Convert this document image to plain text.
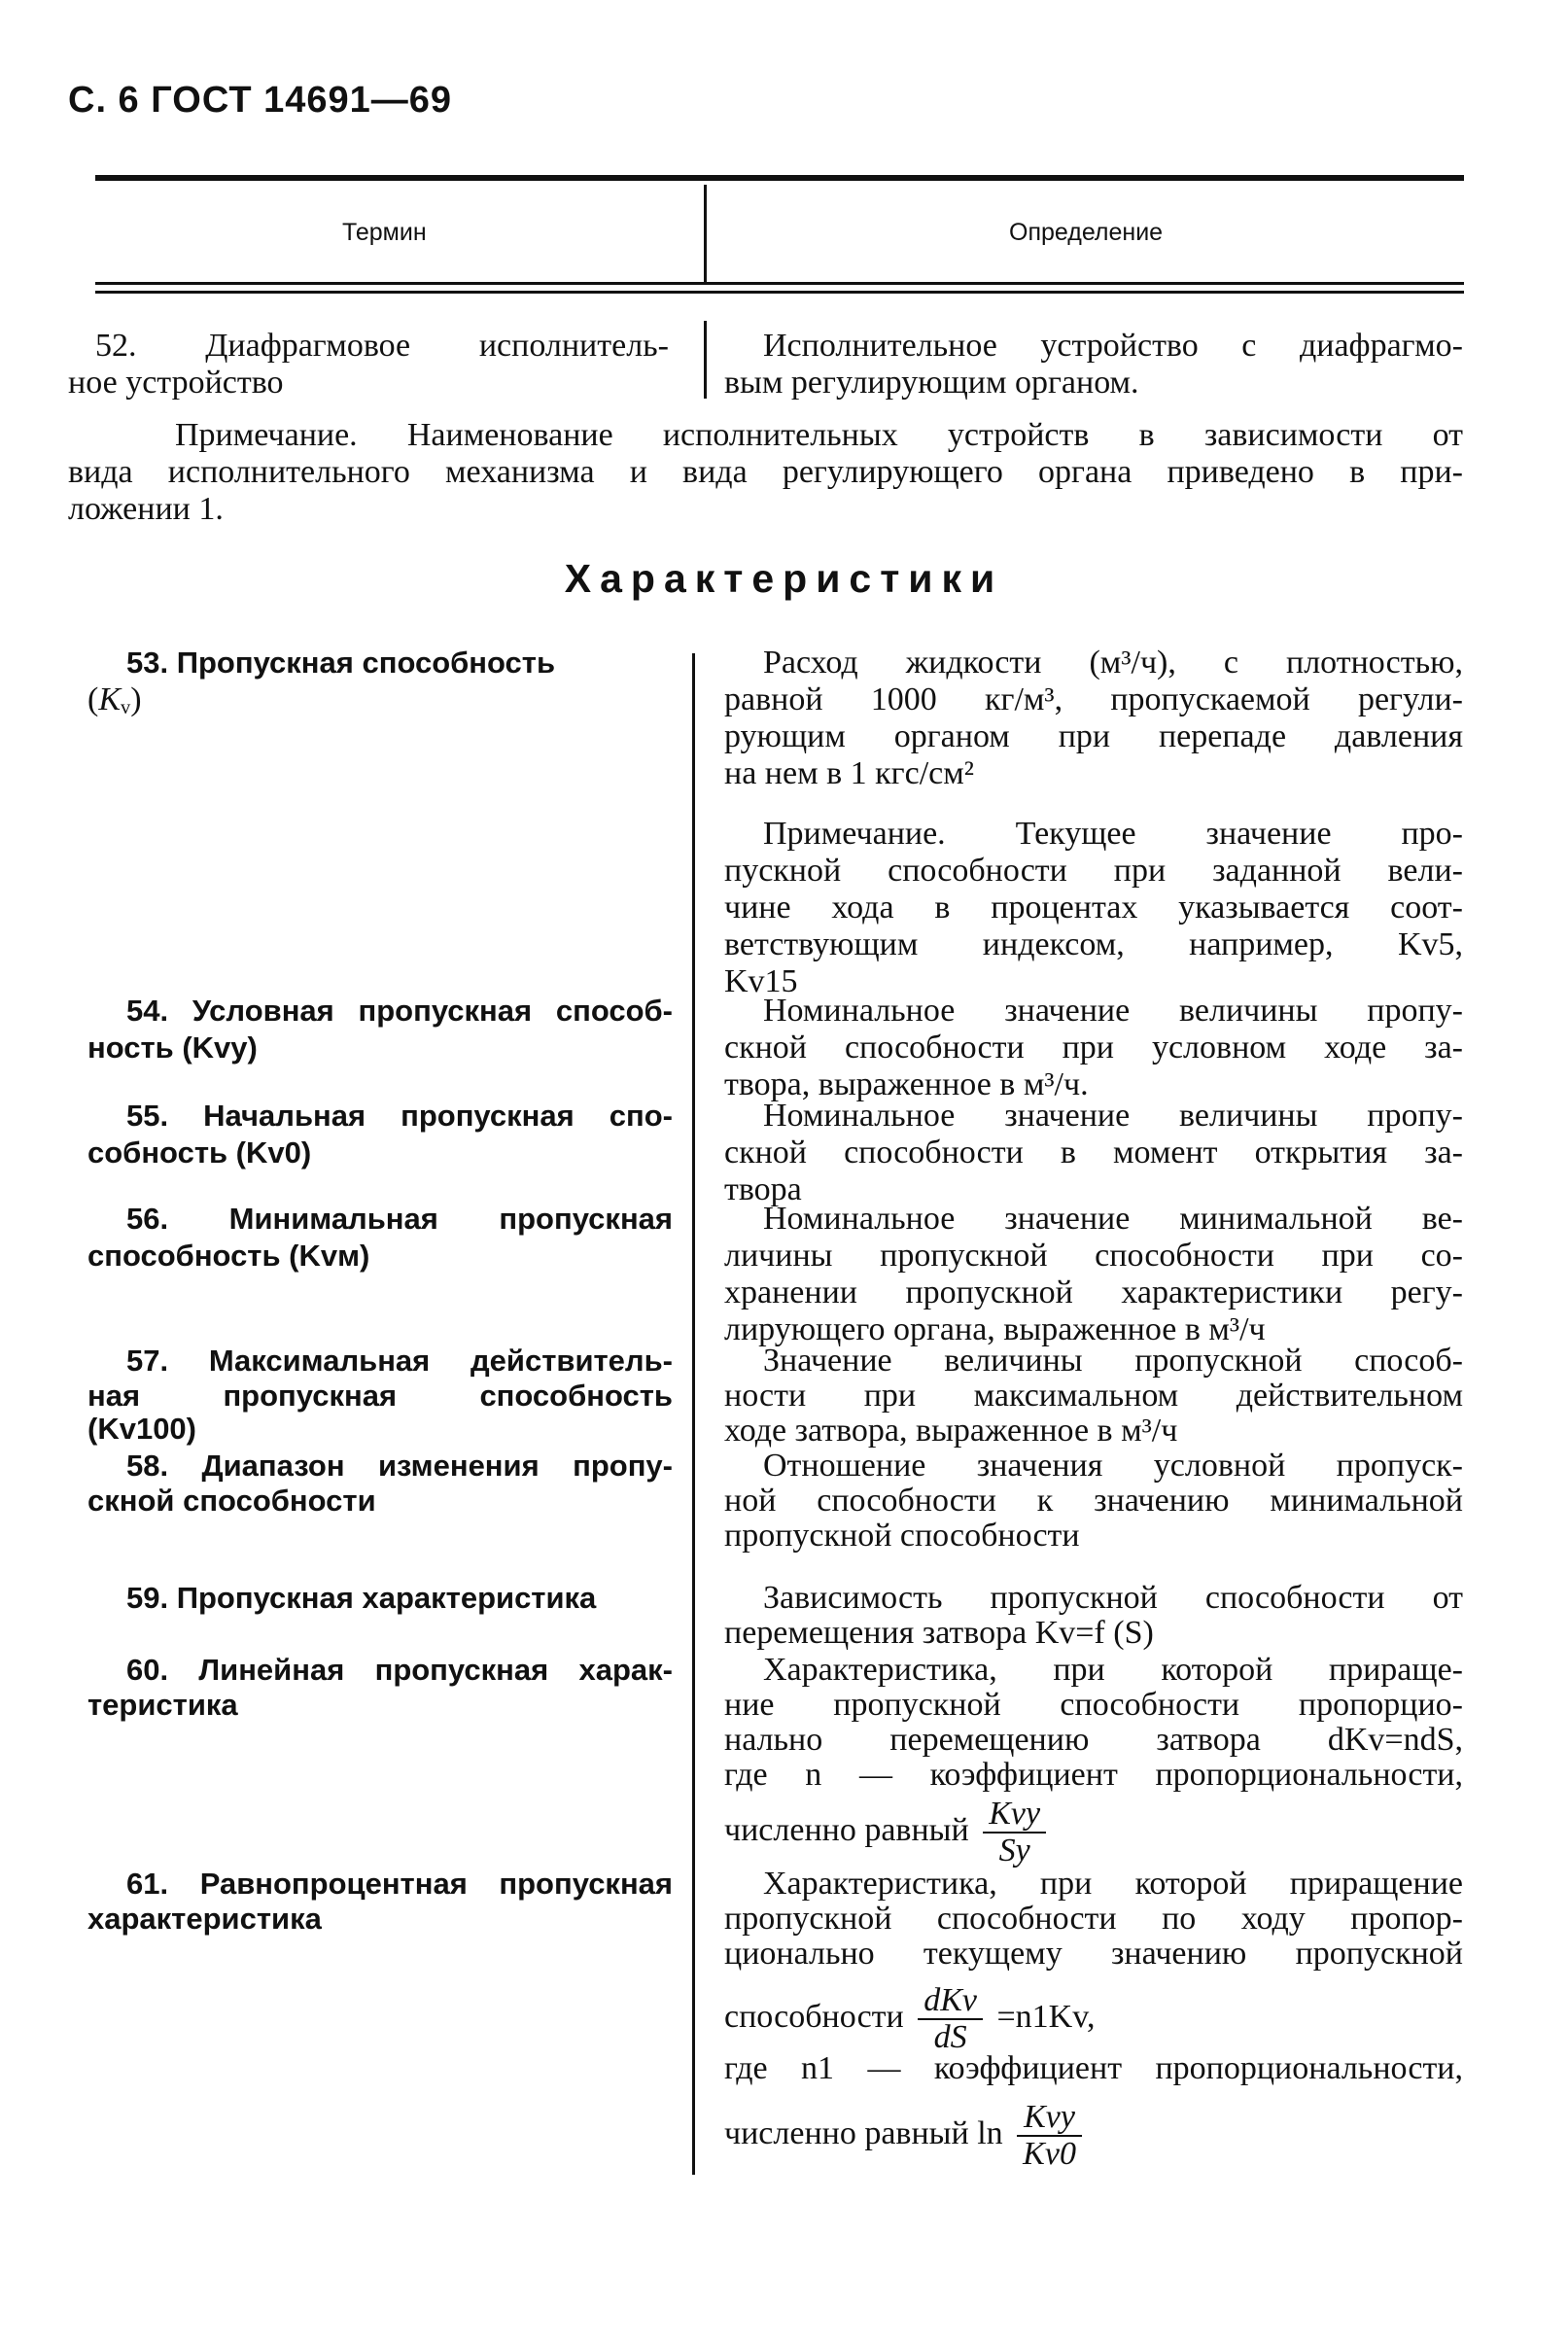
С. 6 ГОСТ 14691—69
Термин	Определение
52. Диафрагмовое исполнитель-
ное устройство
Исполнительное устройство с диафрагмо-
вым регулирующим органом.
Примечание. Наименование исполнительных устройств в зависимости от
вида исполнительного механизма и вида регулирующего органа приведено в при-
ложении 1.
Характеристики
53. Пропускная способность
$(K_v)$
Расход жидкости (м³/ч), с плотностью,
равной 1000 кг/м³, пропускаемой регули-
рующим органом при перепаде давления
на нем в 1 кгс/см²
Примечание. Текущее значение про-
пускной способности при заданной вели-
чине хода в процентах указывается соот-
ветствующим индексом, например, Kv5,
Kv15
54. Условная пропускная способ-
ность (Kvy)
Номинальное значение величины пропу-
скной способности при условном ходе за-
твора, выраженное в м³/ч.
55. Начальная пропускная спо-
собность (Kv0)
Номинальное значение величины пропу-
скной способности в момент открытия за-
твора
56. Минимальная пропускная
способность (Kvм)
Номинальное значение минимальной ве-
личины пропускной способности при со-
хранении пропускной характеристики регу-
лирующего органа, выраженное в м³/ч
57. Максимальная действитель-
ная пропускная способность
(Kv100)
Значение величины пропускной способ-
ности при максимальном действительном
ходе затвора, выраженное в м³/ч
58. Диапазон изменения пропу-
скной способности
Отношение значения условной пропуск-
ной способности к значению минимальной
пропускной способности
59. Пропускная характеристика	Зависимость пропускной способности от
перемещения затвора Kv=f (S)
60. Линейная пропускная харак-
теристика
Характеристика, при которой прираще-
ние пропускной способности пропорцио-
нально перемещению затвора dKv=ndS,
где n — коэффициент пропорциональности,
численно равный $\frac{\text{Kvy}}{Sy}$
61. Равнопроцентная пропускная
характеристика
Характеристика, при которой приращение
пропускной способности по ходу пропор-
ционально текущему значению пропускной
способности $\frac{\text{dKv}}{dS} =n1Kv$,
где n1 — коэффициент пропорциональности,
численно равный $\ln \frac{\text{Kvy}}{Kv0}$
